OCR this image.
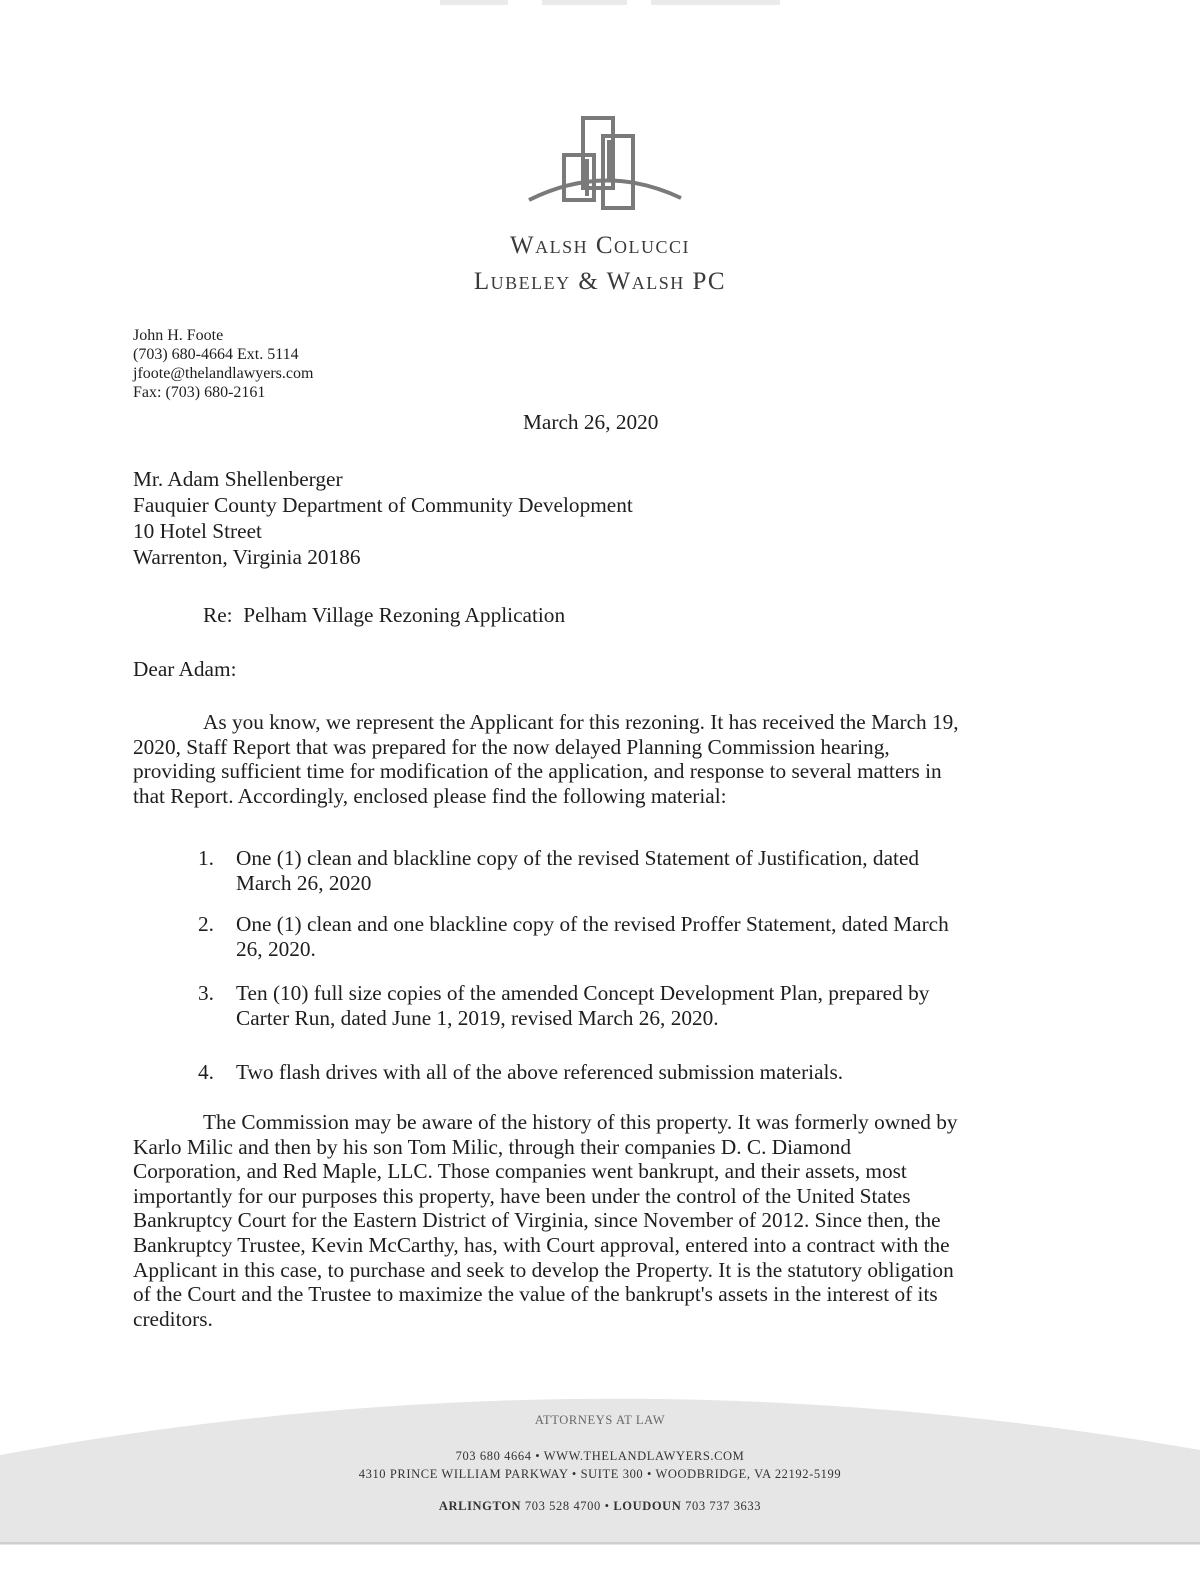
Walsh Colucci
Lubeley & Walsh PC
John H. Foote
(703) 680-4664 Ext. 5114
jfoote@thelandlawyers.com
Fax: (703) 680-2161
March 26, 2020
Mr. Adam Shellenberger
Fauquier County Department of Community Development
10 Hotel Street
Warrenton, Virginia 20186
Re: Pelham Village Rezoning Application
Dear Adam:
As you know, we represent the Applicant for this rezoning. It has received the March 19,
2020, Staff Report that was prepared for the now delayed Planning Commission hearing,
providing sufficient time for modification of the application, and response to several matters in
that Report. Accordingly, enclosed please find the following material:
1. One (1) clean and blackline copy of the revised Statement of Justification, dated
March 26, 2020
2. One (1) clean and one blackline copy of the revised Proffer Statement, dated March
26, 2020.
3. Ten (10) full size copies of the amended Concept Development Plan, prepared by
Carter Run, dated June 1, 2019, revised March 26, 2020.
4. Two flash drives with all of the above referenced submission materials.
The Commission may be aware of the history of this property. It was formerly owned by
Karlo Milic and then by his son Tom Milic, through their companies D. C. Diamond
Corporation, and Red Maple, LLC. Those companies went bankrupt, and their assets, most
importantly for our purposes this property, have been under the control of the United States
Bankruptcy Court for the Eastern District of Virginia, since November of 2012. Since then, the
Bankruptcy Trustee, Kevin McCarthy, has, with Court approval, entered into a contract with the
Applicant in this case, to purchase and seek to develop the Property. It is the statutory obligation
of the Court and the Trustee to maximize the value of the bankrupt's assets in the interest of its
creditors.
ATTORNEYS AT LAW
703 680 4664 • WWW.THELANDLAWYERS.COM
4310 PRINCE WILLIAM PARKWAY • SUITE 300 • WOODBRIDGE, VA 22192-5199
ARLINGTON 703 528 4700 • LOUDOUN 703 737 3633
